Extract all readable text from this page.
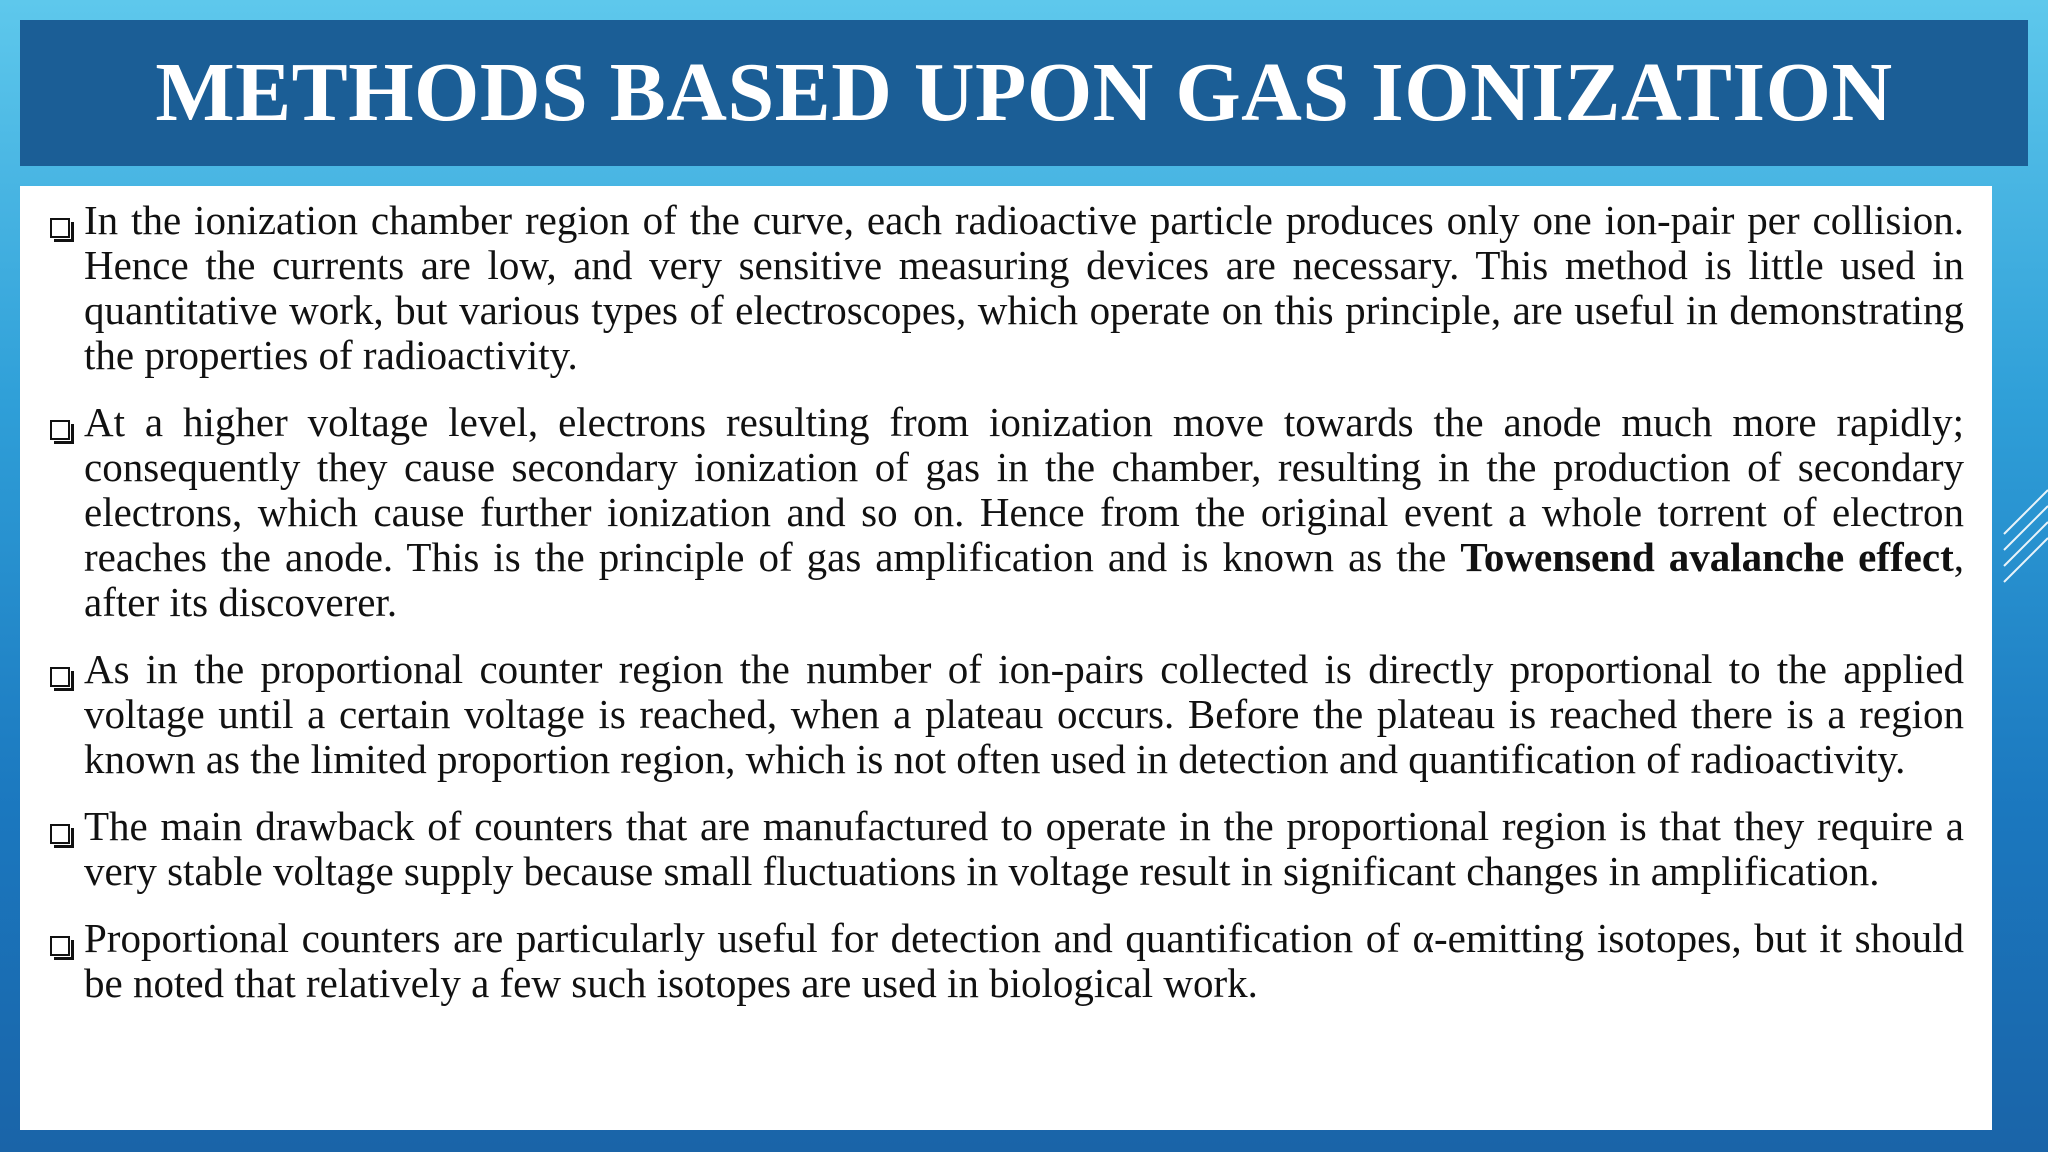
METHODS BASED UPON GAS IONIZATION
In the ionization chamber region of the curve, each radioactive particle produces only one ion-pair per collision. Hence the currents are low, and very sensitive measuring devices are necessary. This method is little used in quantitative work, but various types of electroscopes, which operate on this principle, are useful in demonstrating the properties of radioactivity.
At a higher voltage level, electrons resulting from ionization move towards the anode much more rapidly; consequently they cause secondary ionization of gas in the chamber, resulting in the production of secondary electrons, which cause further ionization and so on. Hence from the original event a whole torrent of electron reaches the anode. This is the principle of gas amplification and is known as the Towensend avalanche effect, after its discoverer.
As in the proportional counter region the number of ion-pairs collected is directly proportional to the applied voltage until a certain voltage is reached, when a plateau occurs. Before the plateau is reached there is a region known as the limited proportion region, which is not often used in detection and quantification of radioactivity.
The main drawback of counters that are manufactured to operate in the proportional region is that they require a very stable voltage supply because small fluctuations in voltage result in significant changes in amplification.
Proportional counters are particularly useful for detection and quantification of α-emitting isotopes, but it should be noted that relatively a few such isotopes are used in biological work.
